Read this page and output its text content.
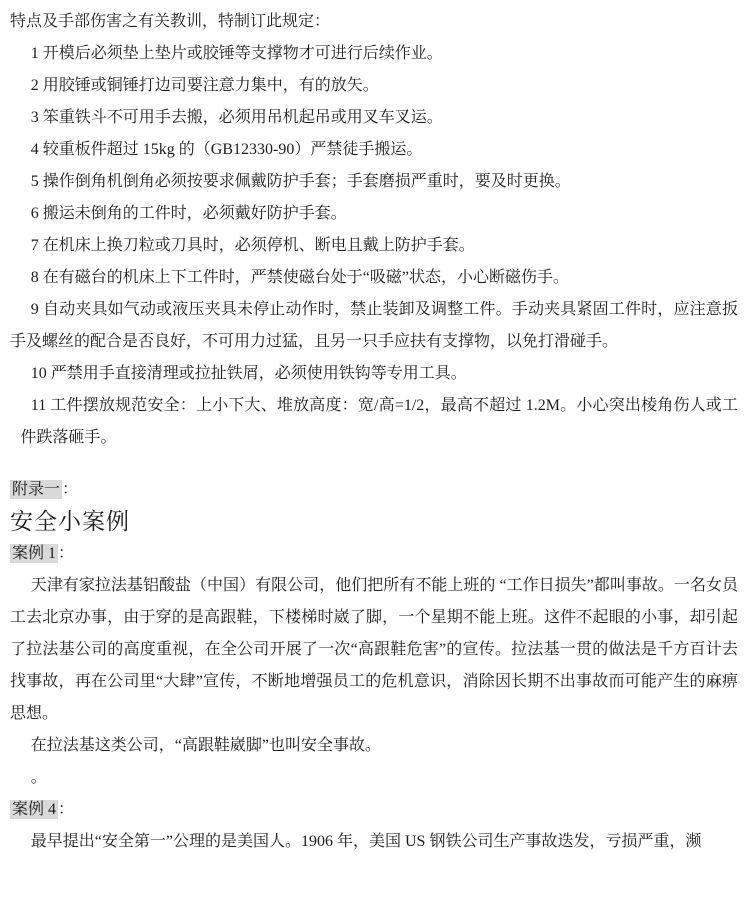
特点及手部伤害之有关教训，特制订此规定：

1 开模后必须垫上垫片或胶锤等支撑物才可进行后续作业。

2 用胶锤或铜锤打边司要注意力集中，有的放矢。

3 笨重铁斗不可用手去搬，必须用吊机起吊或用叉车叉运。

4 较重板件超过 15kg 的（GB12330-90）严禁徒手搬运。

5 操作倒角机倒角必须按要求佩戴防护手套；手套磨损严重时，要及时更换。

6 搬运未倒角的工件时，必须戴好防护手套。

7 在机床上换刀粒或刀具时，必须停机、断电且戴上防护手套。

8 在有磁台的机床上下工件时，严禁使磁台处于“吸磁”状态，小心断磁伤手。

9 自动夹具如气动或液压夹具未停止动作时，禁止装卸及调整工件。手动夹具紧固工件时，应注意扳手及螺丝的配合是否良好，不可用力过猛，且另一只手应扶有支撑物，以免打滑碰手。

10 严禁用手直接清理或拉扯铁屑，必须使用铁钩等专用工具。

11 工件摆放规范安全：上小下大、堆放高度：宽/高=1/2，最高不超过 1.2M。小心突出棱角伤人或工件跌落砸手。

附录一 ：

安全小案例

案例 1 ：

天津有家拉法基铝酸盐（中国）有限公司，他们把所有不能上班的 “工作日损失”都叫事故。一名女员工去北京办事，由于穿的是高跟鞋，下楼梯时崴了脚，一个星期不能上班。这件不起眼的小事，却引起了拉法基公司的高度重视，在全公司开展了一次“高跟鞋危害”的宣传。拉法基一贯的做法是千方百计去找事故，再在公司里“大肆”宣传，不断地增强员工的危机意识，消除因长期不出事故而可能产生的麻痹思想。

在拉法基这类公司，“高跟鞋崴脚”也叫安全事故。

。

案例 4 ：

最早提出“安全第一”公理的是美国人。1906 年，美国 US 钢铁公司生产事故迭发，亏损严重，濒
